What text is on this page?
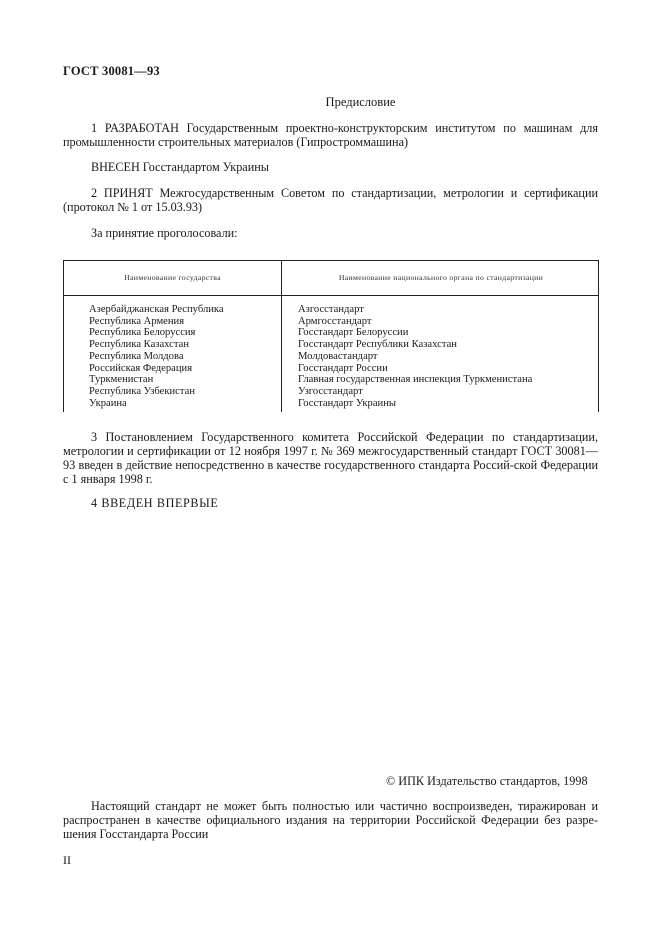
ГОСТ 30081—93
Предисловие
1 РАЗРАБОТАН Государственным проектно-конструкторским институтом по машинам для промышленности строительных материалов (Гипростроммашина)
ВНЕСЕН Госстандартом Украины
2 ПРИНЯТ Межгосударственным Советом по стандартизации, метрологии и сертификации (протокол № 1 от 15.03.93)
За принятие проголосовали:
Наименование государства	Наименование национального органа по стандартизации
Азербайджанская Республика
Республика Армения
Республика Белоруссия
Республика Казахстан
Республика Молдова
Российская Федерация
Туркменистан
Республика Узбекистан
Украина
Азгосстандарт
Армгосстандарт
Госстандарт Белоруссии
Госстандарт Республики Казахстан
Молдовастандарт
Госстандарт России
Главная государственная инспекция Туркменистана
Узгосстандарт
Госстандарт Украины
3 Постановлением Государственного комитета Российской Федерации по стандартизации, метрологии и сертификации от 12 ноября 1997 г. № 369 межгосударственный стандарт ГОСТ 30081—93 введен в действие непосредственно в качестве государственного стандарта Россий-ской Федерации с 1 января 1998 г.
4 ВВЕДЕН ВПЕРВЫЕ
© ИПК Издательство стандартов, 1998
Настоящий стандарт не может быть полностью или частично воспроизведен, тиражирован и распространен в качестве официального издания на территории Российской Федерации без разре-шения Госстандарта России
II
